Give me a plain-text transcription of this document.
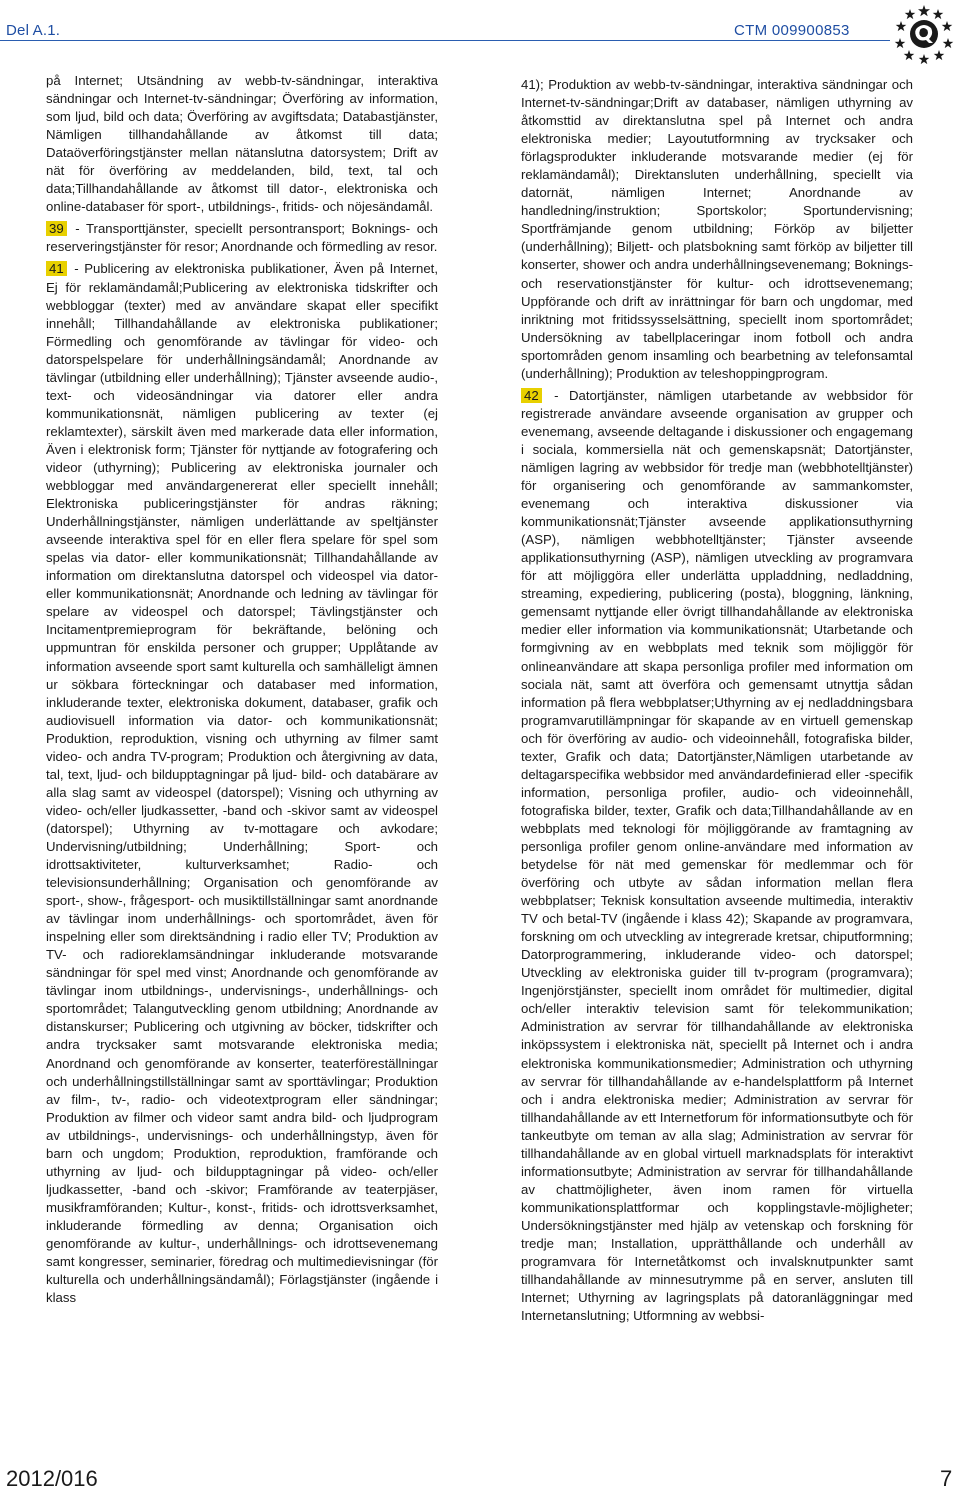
Del A.1.	CTM 009900853

på Internet; Utsändning av webb-tv-sändningar, interaktiva sändningar och Internet-tv-sändningar; Överföring av information, som ljud, bild och data; Överföring av avgiftsdata; Databastjänster, Nämligen tillhandahållande av åtkomst till data; Dataöverföringstjänster mellan nätanslutna datorsystem; Drift av nät för överföring av meddelanden, bild, text, tal och data;Tillhandahållande av åtkomst till dator-, elektroniska och online-databaser för sport-, utbildnings-, fritids- och nöjesändamål.

39 - Transporttjänster, speciellt persontransport; Boknings- och reserveringstjänster för resor; Anordnande och förmedling av resor.

41 - Publicering av elektroniska publikationer, Även på Internet, Ej för reklamändamål;Publicering av elektroniska tidskrifter och webbloggar (texter) med av användare skapat eller specifikt innehåll; Tillhandahållande av elektroniska publikationer; Förmedling och genomförande av tävlingar för video- och datorspelspelare för underhållningsändamål; Anordnande av tävlingar (utbildning eller underhållning); Tjänster avseende audio-, text- och videosändningar via datorer eller andra kommunikationsnät, nämligen publicering av texter (ej reklamtexter), särskilt även med markerade data eller information, Även i elektronisk form; Tjänster för nyttjande av fotografering och videor (uthyrning); Publicering av elektroniska journaler och webbloggar med användargenererat eller speciellt innehåll; Elektroniska publiceringstjänster för andras räkning; Underhållningstjänster, nämligen underlättande av speltjänster avseende interaktiva spel för en eller flera spelare för spel som spelas via dator- eller kommunikationsnät; Tillhandahållande av information om direktanslutna datorspel och videospel via dator- eller kommunikationsnät; Anordnande och ledning av tävlingar för spelare av videospel och datorspel; Tävlingstjänster och Incitamentpremieprogram för bekräftande, belöning och uppmuntran för enskilda personer och grupper; Upplåtande av information avseende sport samt kulturella och samhälleligt ämnen ur sökbara förteckningar och databaser med information, inkluderande texter, elektroniska dokument, databaser, grafik och audiovisuell information via dator- och kommunikationsnät; Produktion, reproduktion, visning och uthyrning av filmer samt video- och andra TV-program; Produktion och återgivning av data, tal, text, ljud- och bildupptagningar på ljud- bild- och databärare av alla slag samt av videospel (datorspel); Visning och uthyrning av video- och/eller ljudkassetter, -band och -skivor samt av videospel (datorspel); Uthyrning av tv-mottagare och avkodare; Undervisning/utbildning; Underhållning; Sport- och idrottsaktiviteter, kulturverksamhet; Radio- och televisionsunderhållning; Organisation och genomförande av sport-, show-, frågesport- och musiktillställningar samt anordnande av tävlingar inom underhållnings- och sportområdet, även för inspelning eller som direktsändning i radio eller TV; Produktion av TV- och radioreklamsändningar inkluderande motsvarande sändningar för spel med vinst; Anordnande och genomförande av tävlingar inom utbildnings-, undervisnings-, underhållnings- och sportområdet; Talangutveckling genom utbildning; Anordnande av distanskurser; Publicering och utgivning av böcker, tidskrifter och andra trycksaker samt motsvarande elektroniska media; Anordnand och genomförande av konserter, teaterföreställningar och underhållningstillställningar samt av sporttävlingar; Produktion av film-, tv-, radio- och videotextprogram eller sändningar; Produktion av filmer och videor samt andra bild- och ljudprogram av utbildnings-, undervisnings- och underhållningstyp, även för barn och ungdom; Produktion, reproduktion, framförande och uthyrning av ljud- och bildupptagningar på video- och/eller ljudkassetter, -band och -skivor; Framförande av teaterpjäser, musikframföranden; Kultur-, konst-, fritids- och idrottsverksamhet, inkluderande förmedling av denna; Organisation oich genomförande av kultur-, underhållnings- och idrottsevenemang samt kongresser, seminarier, föredrag och multimedievisningar (för kulturella och underhållningsändamål); Förlagstjänster (ingående i klass

41); Produktion av webb-tv-sändningar, interaktiva sändningar och Internet-tv-sändningar;Drift av databaser, nämligen uthyrning av åtkomsttid av direktanslutna spel på Internet och andra elektroniska medier; Layoututformning av trycksaker och förlagsprodukter inkluderande motsvarande medier (ej för reklamändamål); Direktansluten underhållning, speciellt via datornät, nämligen Internet; Anordnande av handledning/instruktion; Sportskolor; Sportundervisning; Sportfrämjande genom utbildning; Förköp av biljetter (underhållning); Biljett- och platsbokning samt förköp av biljetter till konserter, shower och andra underhållningsevenemang; Boknings- och reservationstjänster för kultur- och idrottsevenemang; Uppförande och drift av inrättningar för barn och ungdomar, med inriktning mot fritidssysselsättning, speciellt inom sportområdet; Undersökning av tabellplaceringar inom fotboll och andra sportområden genom insamling och bearbetning av telefonsamtal (underhållning); Produktion av teleshoppingprogram.

42 - Datortjänster, nämligen utarbetande av webbsidor för registrerade användare avseende organisation av grupper och evenemang, avseende deltagande i diskussioner och engagemang i sociala, kommersiella nät och gemenskapsnät; Datortjänster, nämligen lagring av webbsidor för tredje man (webbhotelltjänster) för organisering och genomförande av sammankomster, evenemang och interaktiva diskussioner via kommunikationsnät;Tjänster avseende applikationsuthyrning (ASP), nämligen webbhotelltjänster; Tjänster avseende applikationsuthyrning (ASP), nämligen utveckling av programvara för att möjliggöra eller underlätta uppladdning, nedladdning, streaming, expediering, publicering (posta), bloggning, länkning, gemensamt nyttjande eller övrigt tillhandahållande av elektroniska medier eller information via kommunikationsnät; Utarbetande och formgivning av en webbplats med teknik som möjliggör för onlineanvändare att skapa personliga profiler med information om sociala nät, samt att överföra och gemensamt utnyttja sådan information på flera webbplatser;Uthyrning av ej nedladdningsbara programvarutillämpningar för skapande av en virtuell gemenskap och för överföring av audio- och videoinnehåll, fotografiska bilder, texter, Grafik och data; Datortjänster,Nämligen utarbetande av deltagarspecifika webbsidor med användardefinierad eller -specifik information, personliga profiler, audio- och videoinnehåll, fotografiska bilder, texter, Grafik och data;Tillhandahållande av en webbplats med teknologi för möjliggörande av framtagning av personliga profiler genom online-användare med information av betydelse för nät med gemenskar för medlemmar och för överföring och utbyte av sådan information mellan flera webbplatser; Teknisk konsultation avseende multimedia, interaktiv TV och betal-TV (ingående i klass 42); Skapande av programvara, forskning om och utveckling av integrerade kretsar, chiputformning; Datorprogrammering, inkluderande video- och datorspel; Utveckling av elektroniska guider till tv-program (programvara); Ingenjörstjänster, speciellt inom området för multimedier, digital och/eller interaktiv television samt för telekommunikation; Administration av servrar för tillhandahållande av elektroniska inköpssystem i elektroniska nät, speciellt på Internet och i andra elektroniska kommunikationsmedier; Administration och uthyrning av servrar för tillhandahållande av e-handelsplattform på Internet och i andra elektroniska medier; Administration av servrar för tillhandahållande av ett Internetforum för informationsutbyte och för tankeutbyte om teman av alla slag; Administration av servrar för tillhandahållande av en global virtuell marknadsplats för interaktivt informationsutbyte; Administration av servrar för tillhandahållande av chattmöjligheter, även inom ramen för virtuella kommunikationsplattformar och kopplingstavle-möjligheter; Undersökningstjänster med hjälp av vetenskap och forskning för tredje man; Installation, upprätthållande och underhåll av programvara för Internetåtkomst och invalsknutpunkter samt tillhandahållande av minnesutrymme på en server, ansluten till Internet; Uthyrning av lagringsplats på datoranläggningar med Internetanslutning; Utformning av webbsi-

2012/016	7
